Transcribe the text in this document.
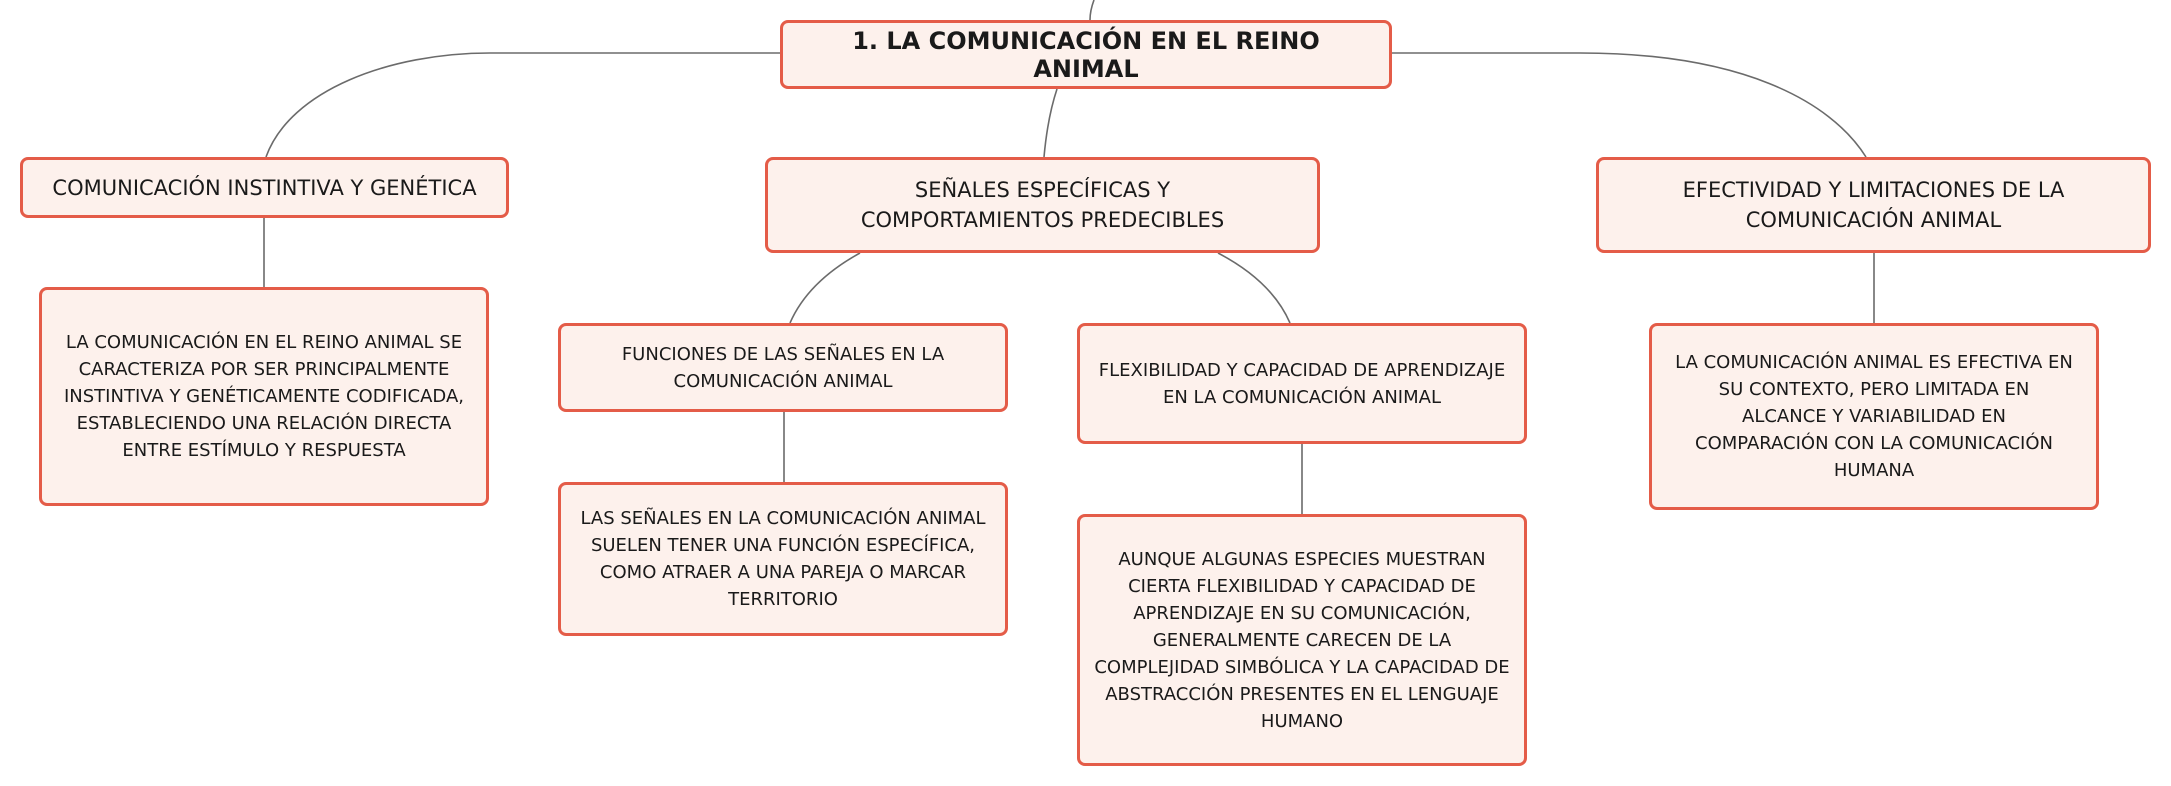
1. LA COMUNICACIÓN EN EL REINO ANIMAL
COMUNICACIÓN INSTINTIVA Y GENÉTICA	SEÑALES ESPECÍFICAS Y COMPORTAMIENTOS PREDECIBLES
EFECTIVIDAD Y LIMITACIONES DE LA COMUNICACIÓN ANIMAL
LA COMUNICACIÓN EN EL REINO ANIMAL SE CARACTERIZA POR SER PRINCIPALMENTE INSTINTIVA Y GENÉTICAMENTE CODIFICADA, ESTABLECIENDO UNA RELACIÓN DIRECTA ENTRE ESTÍMULO Y RESPUESTA
FUNCIONES DE LAS SEÑALES EN LA COMUNICACIÓN ANIMAL
FLEXIBILIDAD Y CAPACIDAD DE APRENDIZAJE EN LA COMUNICACIÓN ANIMAL
LAS SEÑALES EN LA COMUNICACIÓN ANIMAL SUELEN TENER UNA FUNCIÓN ESPECÍFICA, COMO ATRAER A UNA PAREJA O MARCAR TERRITORIO
AUNQUE ALGUNAS ESPECIES MUESTRAN CIERTA FLEXIBILIDAD Y CAPACIDAD DE APRENDIZAJE EN SU COMUNICACIÓN, GENERALMENTE CARECEN DE LA COMPLEJIDAD SIMBÓLICA Y LA CAPACIDAD DE ABSTRACCIÓN PRESENTES EN EL LENGUAJE HUMANO
LA COMUNICACIÓN ANIMAL ES EFECTIVA EN SU CONTEXTO, PERO LIMITADA EN ALCANCE Y VARIABILIDAD EN COMPARACIÓN CON LA COMUNICACIÓN HUMANA
